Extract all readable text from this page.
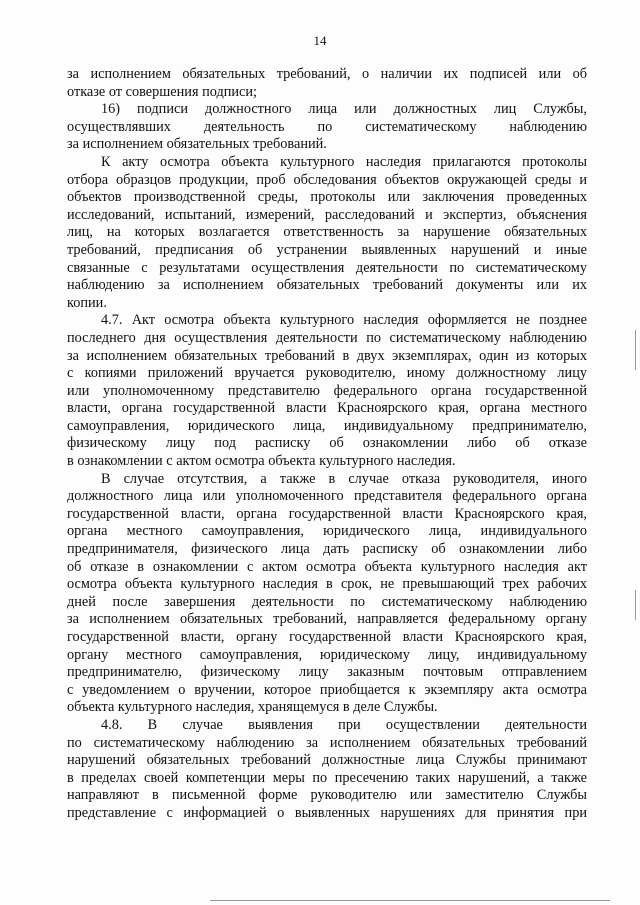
14
за исполнением обязательных требований, о наличии их подписей или об
отказе от совершения подписи;
16) подписи должностного лица или должностных лиц Службы,
осуществлявших деятельность по систематическому наблюдению
за исполнением обязательных требований.
К акту осмотра объекта культурного наследия прилагаются протоколы
отбора образцов продукции, проб обследования объектов окружающей среды и
объектов производственной среды, протоколы или заключения проведенных
исследований, испытаний, измерений, расследований и экспертиз, объяснения
лиц, на которых возлагается ответственность за нарушение обязательных
требований, предписания об устранении выявленных нарушений и иные
связанные с результатами осуществления деятельности по систематическому
наблюдению за исполнением обязательных требований документы или их
копии.
4.7. Акт осмотра объекта культурного наследия оформляется не позднее
последнего дня осуществления деятельности по систематическому наблюдению
за исполнением обязательных требований в двух экземплярах, один из которых
с копиями приложений вручается руководителю, иному должностному лицу
или уполномоченному представителю федерального органа государственной
власти, органа государственной власти Красноярского края, органа местного
самоуправления, юридического лица, индивидуальному предпринимателю,
физическому лицу под расписку об ознакомлении либо об отказе
в ознакомлении с актом осмотра объекта культурного наследия.
В случае отсутствия, а также в случае отказа руководителя, иного
должностного лица или уполномоченного представителя федерального органа
государственной власти, органа государственной власти Красноярского края,
органа местного самоуправления, юридического лица, индивидуального
предпринимателя, физического лица дать расписку об ознакомлении либо
об отказе в ознакомлении с актом осмотра объекта культурного наследия акт
осмотра объекта культурного наследия в срок, не превышающий трех рабочих
дней после завершения деятельности по систематическому наблюдению
за исполнением обязательных требований, направляется федеральному органу
государственной власти, органу государственной власти Красноярского края,
органу местного самоуправления, юридическому лицу, индивидуальному
предпринимателю, физическому лицу заказным почтовым отправлением
с уведомлением о вручении, которое приобщается к экземпляру акта осмотра
объекта культурного наследия, хранящемуся в деле Службы.
4.8. В случае выявления при осуществлении деятельности
по систематическому наблюдению за исполнением обязательных требований
нарушений обязательных требований должностные лица Службы принимают
в пределах своей компетенции меры по пресечению таких нарушений, а также
направляют в письменной форме руководителю или заместителю Службы
представление с информацией о выявленных нарушениях для принятия при
